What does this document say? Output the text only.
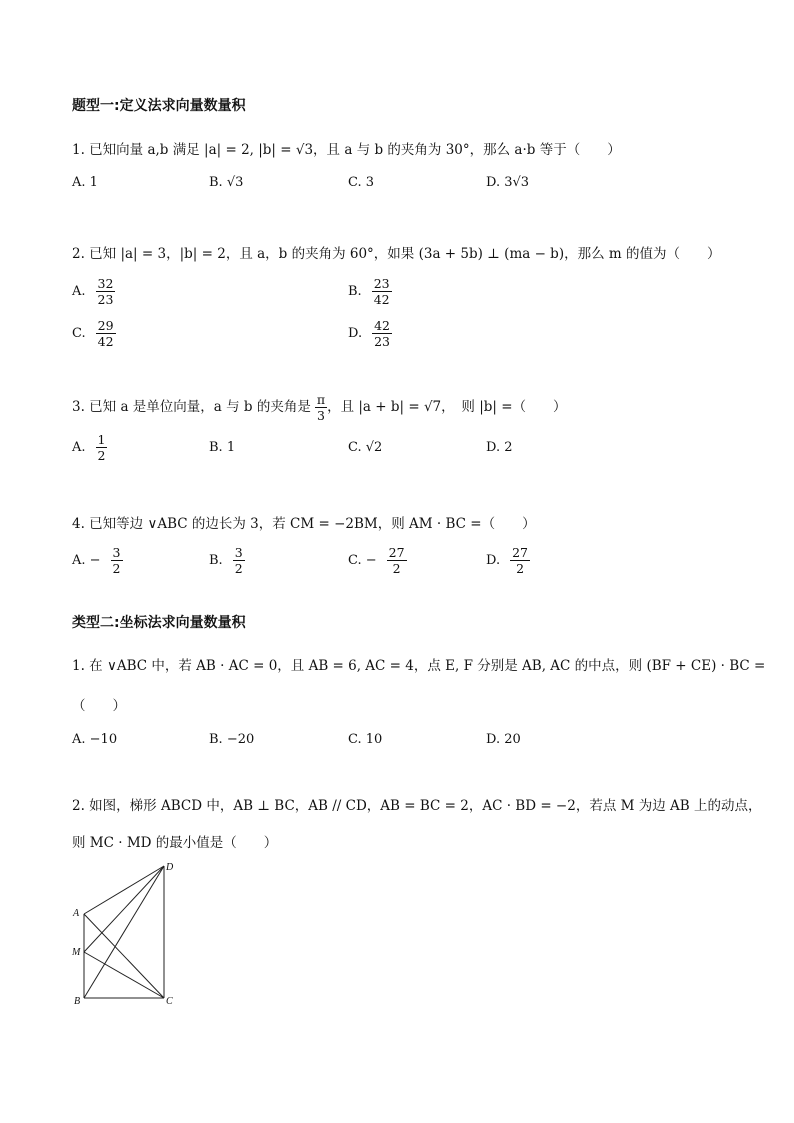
题型一:定义法求向量数量积
1. 已知向量 a,b 满足 |a| = 2, |b| = √3，且 a 与 b 的夹角为 30°，那么 a·b 等于（　　）
A. 1	B. √3	C. 3	D. 3√3
2. 已知 |a| = 3，|b| = 2，且 a，b 的夹角为 60°，如果 (3a + 5b) ⊥ (ma − b)，那么 m 的值为（　　）
A. $\frac{32}{23}$	B. $\frac{23}{42}$
C. $\frac{29}{42}$	D. $\frac{42}{23}$
3. 已知 a 是单位向量，a 与 b 的夹角是 $\frac{\pi}{3}$ ，且 |a + b| = √7，　则 |b| =（　　）
A. $\frac{1}{2}$	B. 1	C. √2	D. 2
4. 已知等边 ∨ABC 的边长为 3，若 CM = −2BM，则 AM · BC =（　　）
A. − $\frac{3}{2}$	B. $\frac{3}{2}$	C. − $\frac{27}{2}$	D. $\frac{27}{2}$
类型二:坐标法求向量数量积
1. 在 ∨ABC 中，若 AB · AC = 0，且 AB = 6, AC = 4，点 E, F 分别是 AB, AC 的中点，则 (BF + CE) · BC =
（　　）
A. −10	B. −20	C. 10	D. 20
2. 如图，梯形 ABCD 中，AB ⊥ BC，AB // CD，AB = BC = 2，AC · BD = −2，若点 M 为边 AB 上的动点，
则 MC · MD 的最小值是（　　）
A
M
B	C
D
